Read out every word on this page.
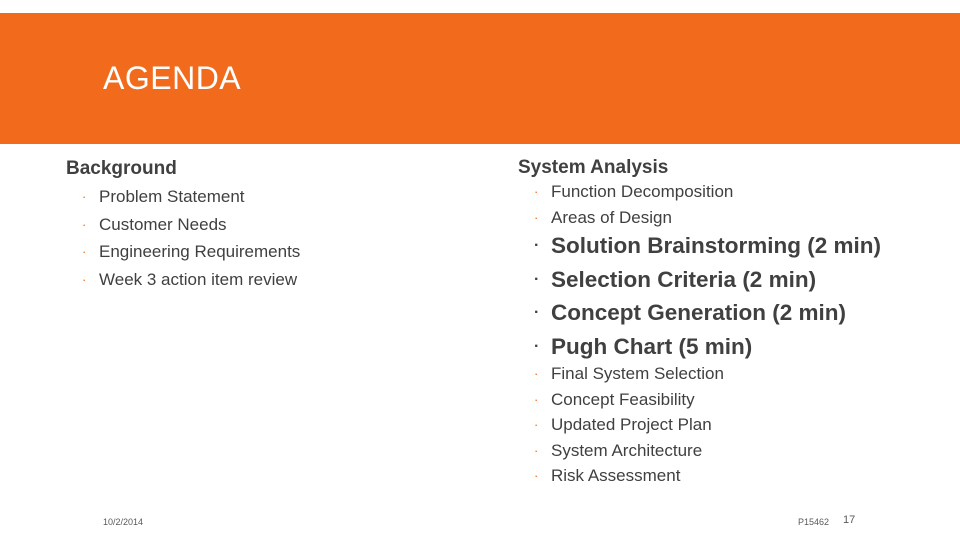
AGENDA
Background
· Problem Statement
· Customer Needs
· Engineering Requirements
· Week 3 action item review
System Analysis
· Function Decomposition
· Areas of Design
· Solution Brainstorming (2 min)
· Selection Criteria (2 min)
· Concept Generation (2 min)
· Pugh Chart (5 min)
· Final System Selection
· Concept Feasibility
· Updated Project Plan
· System Architecture
· Risk Assessment
10/2/2014	P15462 17
